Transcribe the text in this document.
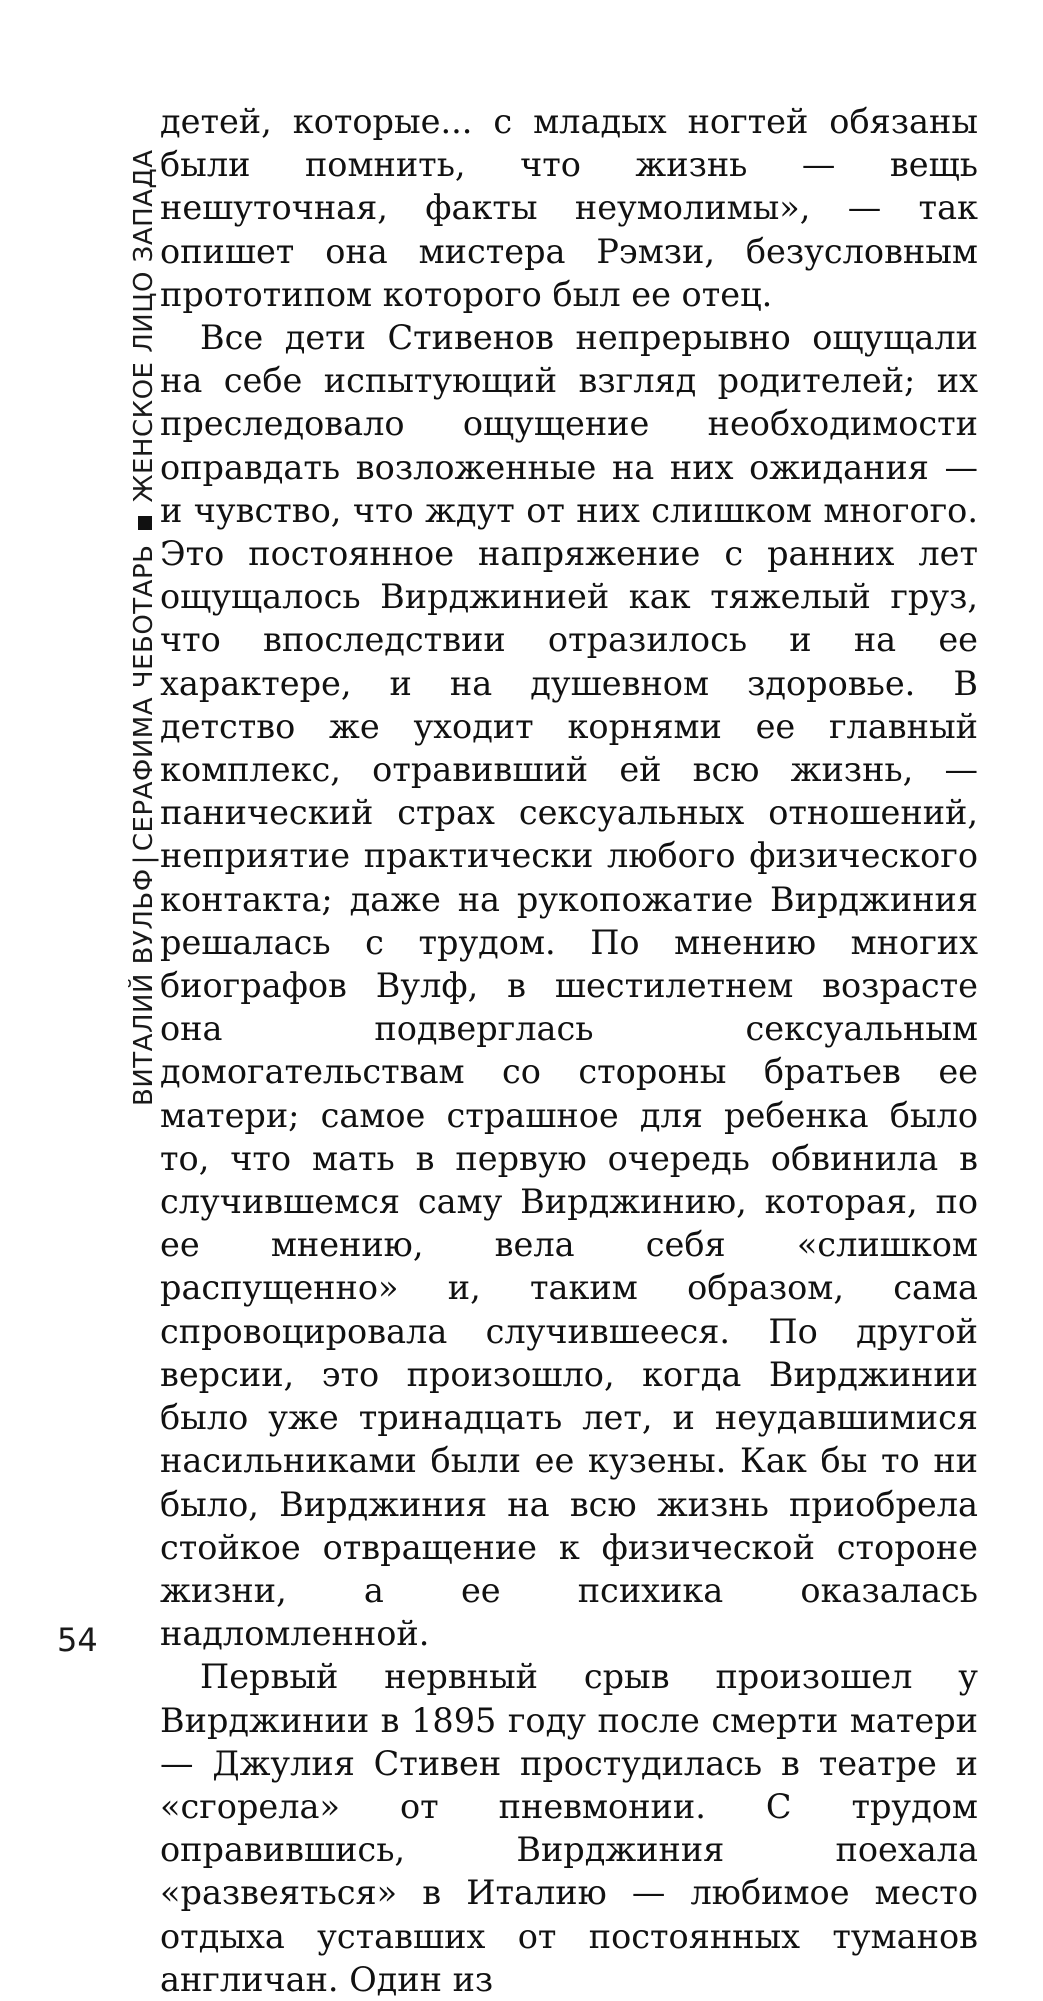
ВИТАЛИЙ ВУЛЬФ|СЕРАФИМА ЧЕБОТАРЬЖЕНСКОЕ ЛИЦО ЗАПАДА

детей, которые... с младых ногтей обязаны были помнить, что жизнь — вещь нешуточная, факты неумолимы», — так опишет она мистера Рэмзи, безусловным прототипом которого был ее отец.

Все дети Стивенов непрерывно ощущали на себе испытующий взгляд родителей; их преследовало ощущение необходимости оправдать возложенные на них ожидания — и чувство, что ждут от них слишком многого. Это постоянное напряжение с ранних лет ощущалось Вирджинией как тяжелый груз, что впоследствии отразилось и на ее характере, и на душевном здоровье. В детство же уходит корнями ее главный комплекс, отравивший ей всю жизнь, — панический страх сексуальных отношений, неприятие практически любого физического контакта; даже на рукопожатие Вирджиния решалась с трудом. По мнению многих биографов Вулф, в шестилетнем возрасте она подверглась сексуальным домогательствам со стороны братьев ее матери; самое страшное для ребенка было то, что мать в первую очередь обвинила в случившемся саму Вирджинию, которая, по ее мнению, вела себя «слишком распущенно» и, таким образом, сама спровоцировала случившееся. По другой версии, это произошло, когда Вирджинии было уже тринадцать лет, и неудавшимися насильниками были ее кузены. Как бы то ни было, Вирджиния на всю жизнь приобрела стойкое отвращение к физической стороне жизни, а ее психика оказалась надломленной.

Первый нервный срыв произошел у Вирджинии в 1895 году после смерти матери — Джулия Стивен простудилась в театре и «сгорела» от пневмонии. С трудом оправившись, Вирджиния поехала «развеяться» в Италию — любимое место отдыха уставших от постоянных туманов англичан. Один из

54
